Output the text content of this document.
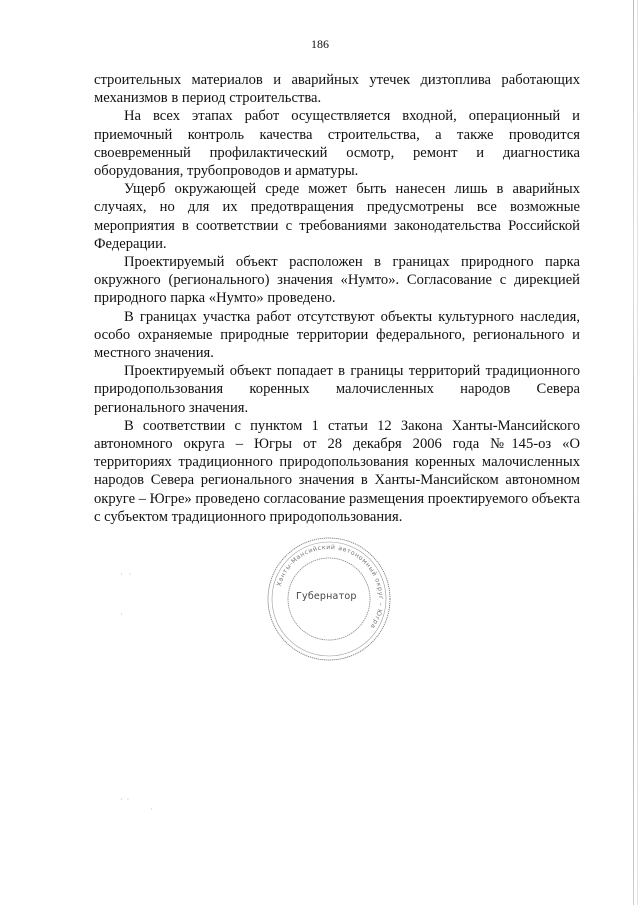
186

строительных материалов и аварийных утечек дизтоплива работающих механизмов в период строительства.

На всех этапах работ осуществляется входной, операционный и приемочный контроль качества строительства, а также проводится своевременный профилактический осмотр, ремонт и диагностика оборудования, трубопроводов и арматуры.

Ущерб окружающей среде может быть нанесен лишь в аварийных случаях, но для их предотвращения предусмотрены все возможные мероприятия в соответствии с требованиями законодательства Российской Федерации.

Проектируемый объект расположен в границах природного парка окружного (регионального) значения «Нумто». Согласование с дирекцией природного парка «Нумто» проведено.

В границах участка работ отсутствуют объекты культурного наследия, особо охраняемые природные территории федерального, регионального и местного значения.

Проектируемый объект попадает в границы территорий традиционного природопользования коренных малочисленных народов Севера регионального значения.

В соответствии с пунктом 1 статьи 12 Закона Ханты-Мансийского автономного округа – Югры от 28 декабря 2006 года №145-оз «О территориях традиционного природопользования коренных малочисленных народов Севера регионального значения в Ханты-Мансийском автономном округе – Югре» проведено согласование размещения проектируемого объекта с субъектом традиционного природопользования.

Ханты-Мансийский автономный округ – Югра
Губернатор
·   ·
·
·  ·
·
